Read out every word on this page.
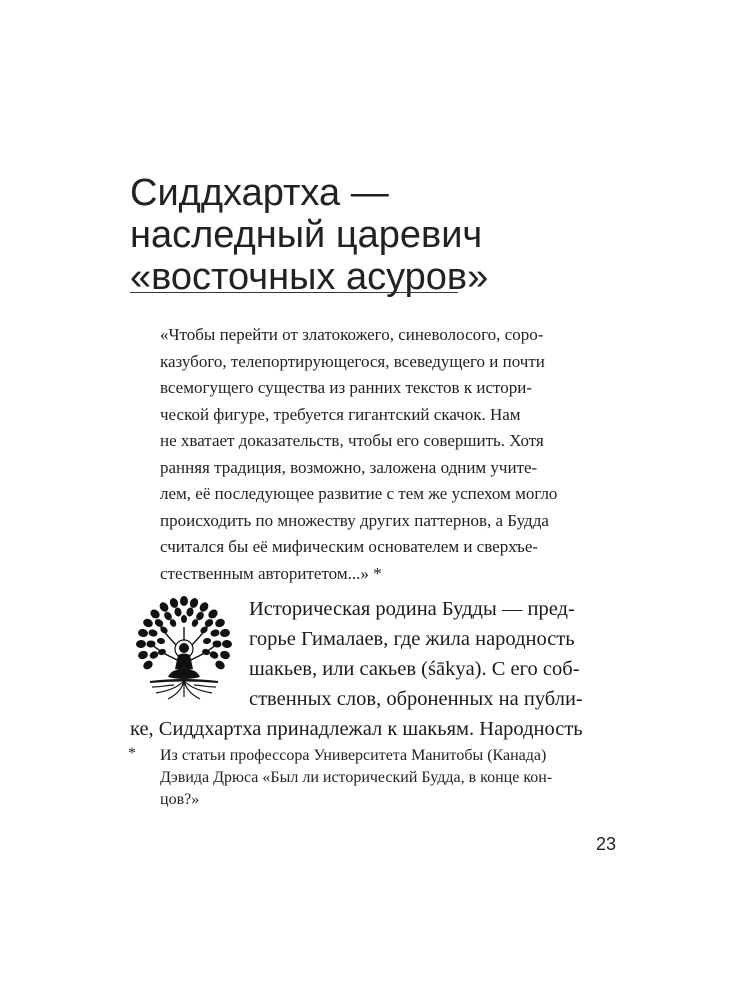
Сиддхартха —
наследный царевич
«восточных асуров»
«Чтобы перейти от златокожего, синеволосого, соро-
казубого, телепортирующегося, всеведущего и почти
всемогущего существа из ранних текстов к истори-
ческой фигуре, требуется гигантский скачок. Нам
не хватает доказательств, чтобы его совершить. Хотя
ранняя традиция, возможно, заложена одним учите-
лем, её последующее развитие с тем же успехом могло
происходить по множеству других паттернов, а Будда
считался бы её мифическим основателем и сверхъе-
стественным авторитетом...» *
Историческая родина Будды — пред-
горье Гималаев, где жила народность
шакьев, или сакьев (śākya). С его соб-
ственных слов, оброненных на публи-
ке, Сиддхартха принадлежал к шакьям. Народность
* Из статьи профессора Университета Манитобы (Канада)
Дэвида Дрюса «Был ли исторический Будда, в конце кон-
цов?»
23
